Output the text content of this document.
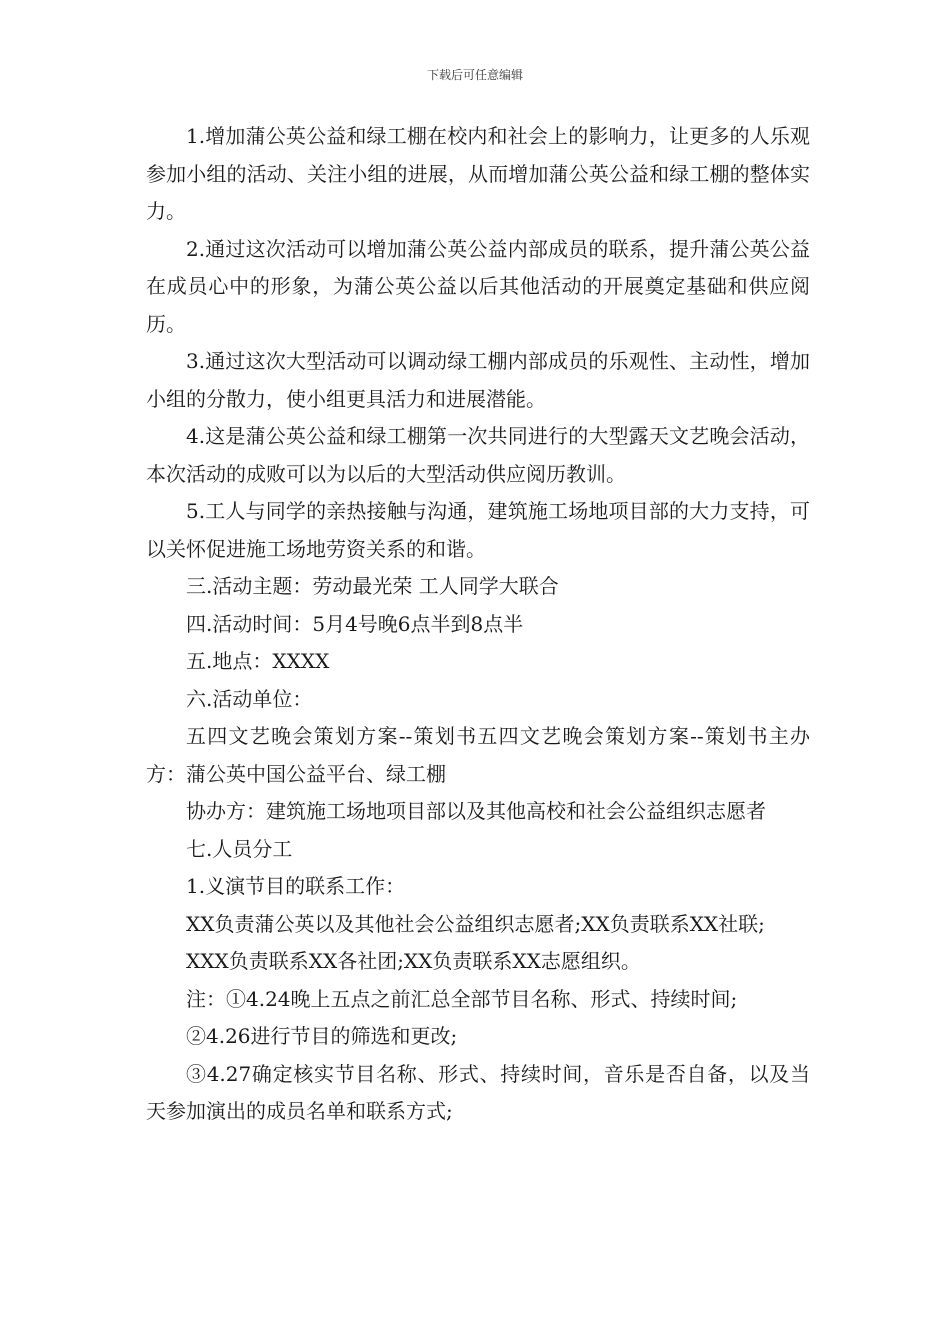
下载后可任意编辑

1.增加蒲公英公益和绿工棚在校内和社会上的影响力，让更多的人乐观参加小组的活动、关注小组的进展，从而增加蒲公英公益和绿工棚的整体实力。

2.通过这次活动可以增加蒲公英公益内部成员的联系，提升蒲公英公益在成员心中的形象，为蒲公英公益以后其他活动的开展奠定基础和供应阅历。

3.通过这次大型活动可以调动绿工棚内部成员的乐观性、主动性，增加小组的分散力，使小组更具活力和进展潜能。

4.这是蒲公英公益和绿工棚第一次共同进行的大型露天文艺晚会活动，本次活动的成败可以为以后的大型活动供应阅历教训。

5.工人与同学的亲热接触与沟通，建筑施工场地项目部的大力支持，可以关怀促进施工场地劳资关系的和谐。

三.活动主题：劳动最光荣 工人同学大联合

四.活动时间：5月4号晚6点半到8点半

五.地点：XXXX

六.活动单位：

五四文艺晚会策划方案--策划书五四文艺晚会策划方案--策划书主办方：蒲公英中国公益平台、绿工棚

协办方：建筑施工场地项目部以及其他高校和社会公益组织志愿者

七.人员分工

1.义演节目的联系工作：

XX负责蒲公英以及其他社会公益组织志愿者;XX负责联系XX社联;

XXX负责联系XX各社团;XX负责联系XX志愿组织。

注：①4.24晚上五点之前汇总全部节目名称、形式、持续时间;

②4.26进行节目的筛选和更改;

③4.27确定核实节目名称、形式、持续时间，音乐是否自备，以及当天参加演出的成员名单和联系方式;
